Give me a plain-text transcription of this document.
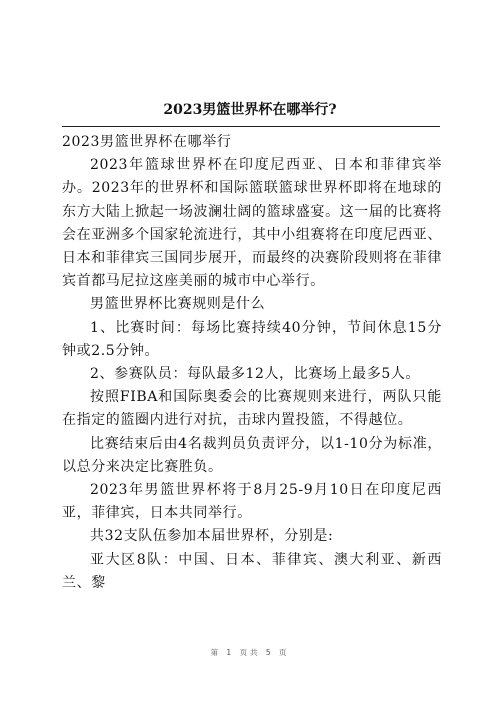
2023男篮世界杯在哪举行?

2023男篮世界杯在哪举行

2023年篮球世界杯在印度尼西亚、日本和菲律宾举办。2023年的世界杯和国际篮联篮球世界杯即将在地球的东方大陆上掀起一场波澜壮阔的篮球盛宴。这一届的比赛将会在亚洲多个国家轮流进行，其中小组赛将在印度尼西亚、日本和菲律宾三国同步展开，而最终的决赛阶段则将在菲律宾首都马尼拉这座美丽的城市中心举行。

男篮世界杯比赛规则是什么

1、比赛时间：每场比赛持续40分钟，节间休息15分钟或2.5分钟。

2、参赛队员：每队最多12人，比赛场上最多5人。

按照FIBA和国际奥委会的比赛规则来进行，两队只能在指定的篮圈内进行对抗，击球内置投篮，不得越位。

比赛结束后由4名裁判员负责评分，以1-10分为标准，以总分来决定比赛胜负。

2023年男篮世界杯将于8月25-9月10日在印度尼西亚，菲律宾，日本共同举行。

共32支队伍参加本届世界杯，分别是:

亚大区8队：中国、日本、菲律宾、澳大利亚、新西兰、黎

第 1 页共 5 页
